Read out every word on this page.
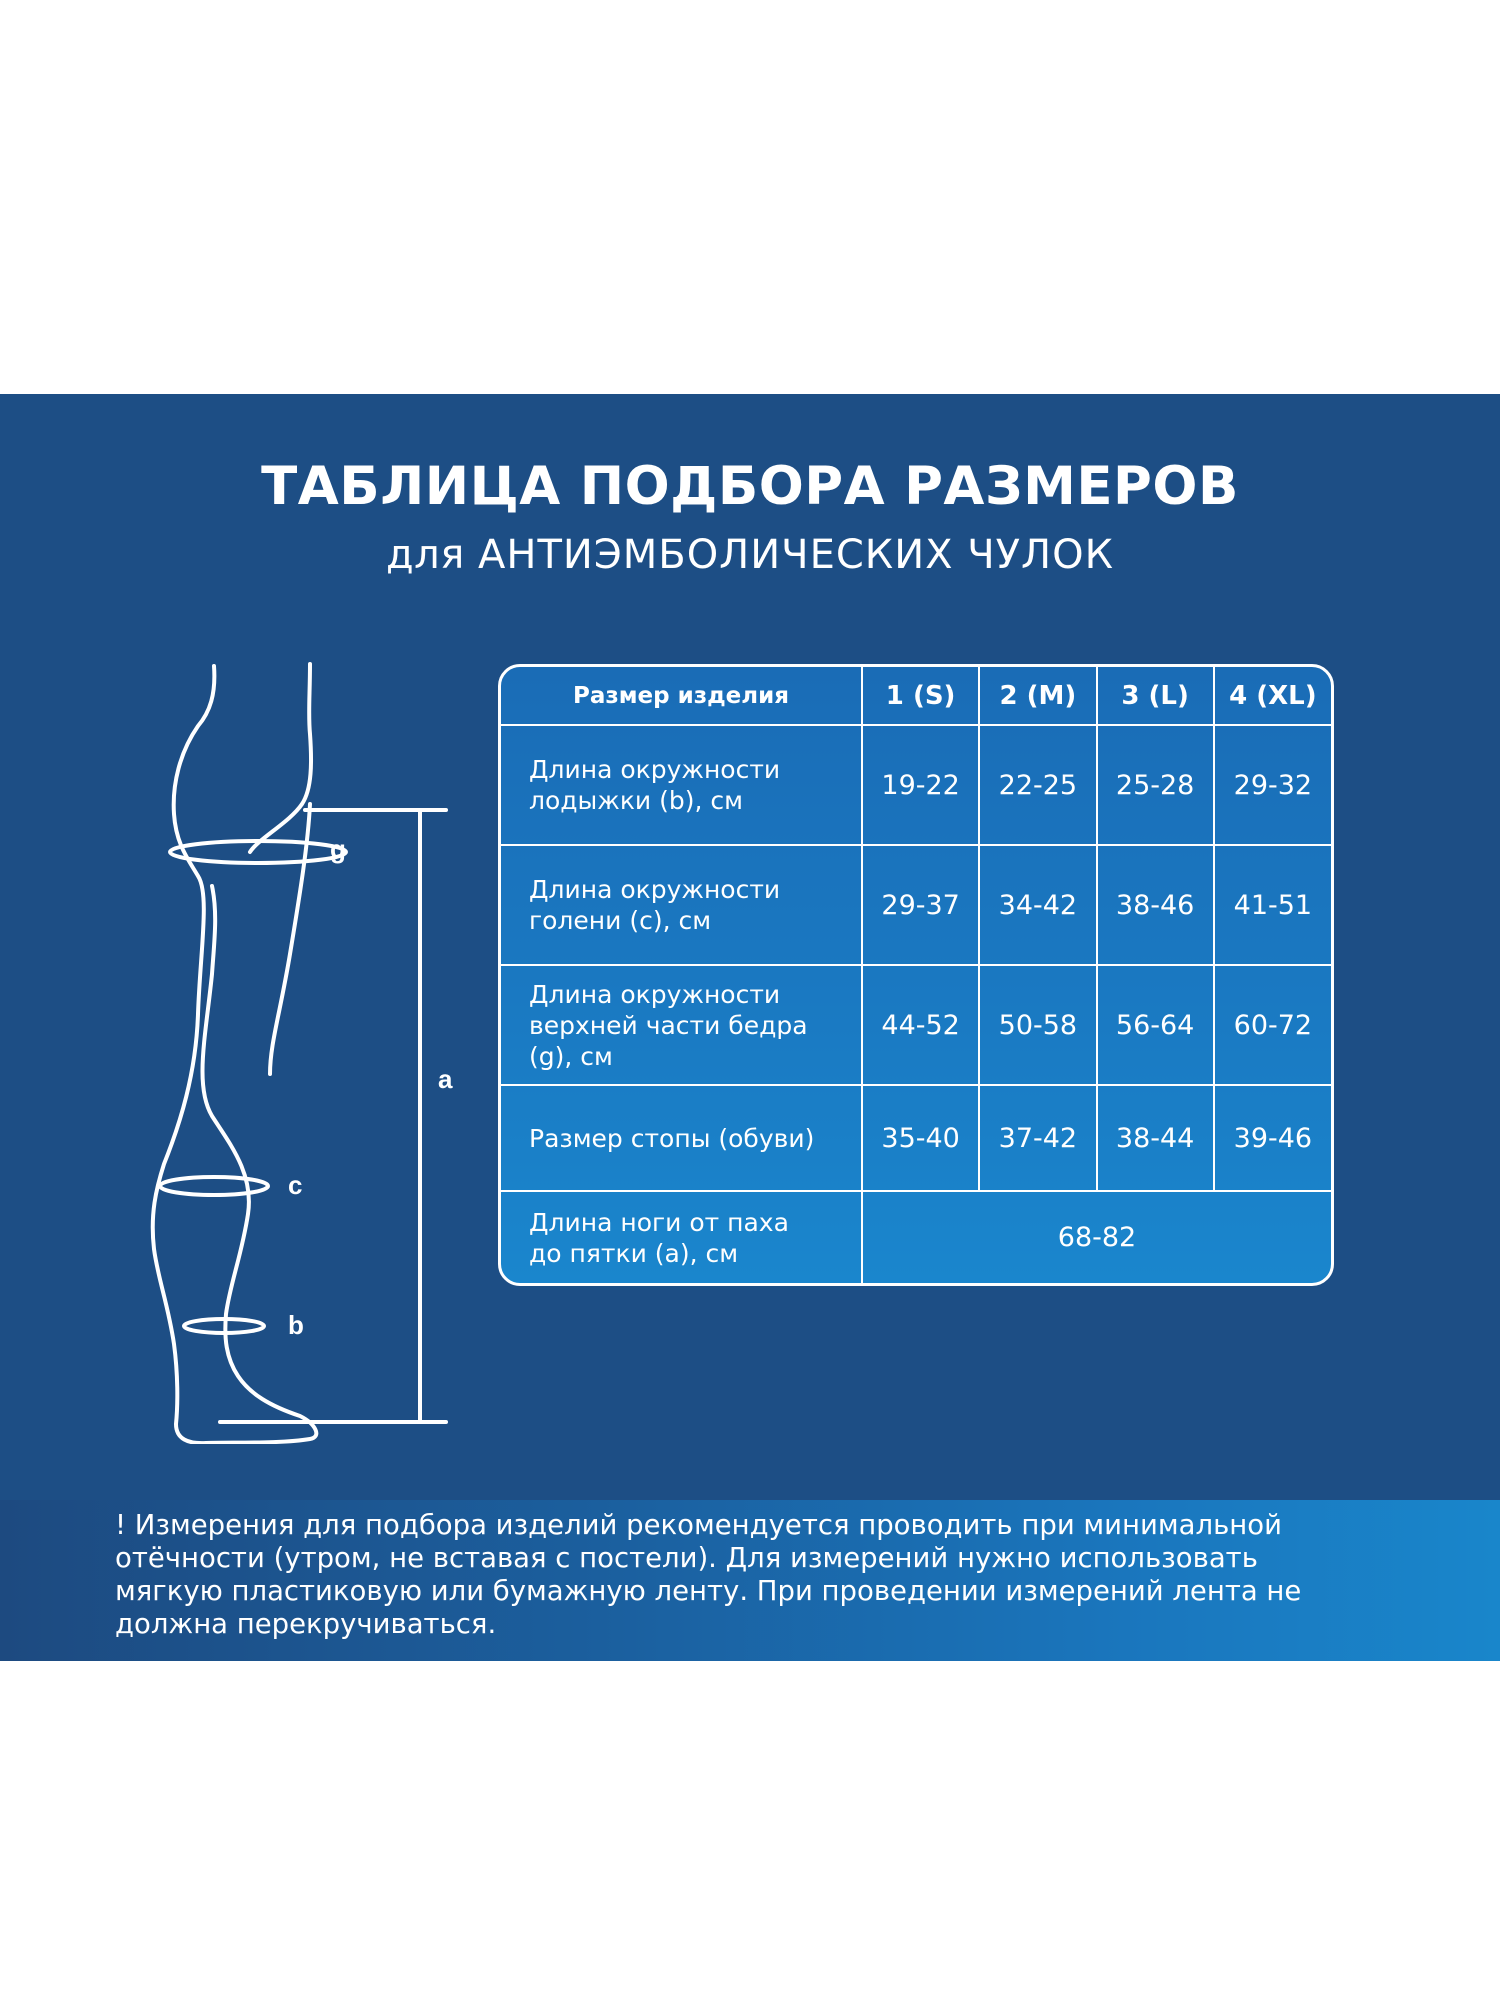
ТАБЛИЦА ПОДБОРА РАЗМЕРОВ
для АНТИЭМБОЛИЧЕСКИХ ЧУЛОК
g
a
c
b
Размер изделия	1 (S)	2 (M)	3 (L)	4 (XL)

Длина окружности
лодыжки (b), см	19-22	22-25	25-28	29-32

Длина окружности
голени (c), см	29-37	34-42	38-46	41-51

Длина окружности
верхней части бедра
(g), см	44-52	50-58	56-64	60-72

Размер стопы (обуви)	35-40	37-42	38-44	39-46

Длина ноги от паха
до пятки (a), см	68-82			
! Измерения для подбора изделий рекомендуется проводить при минимальной
отёчности (утром, не вставая с постели). Для измерений нужно использовать
мягкую пластиковую или бумажную ленту. При проведении измерений лента не
должна перекручиваться.
